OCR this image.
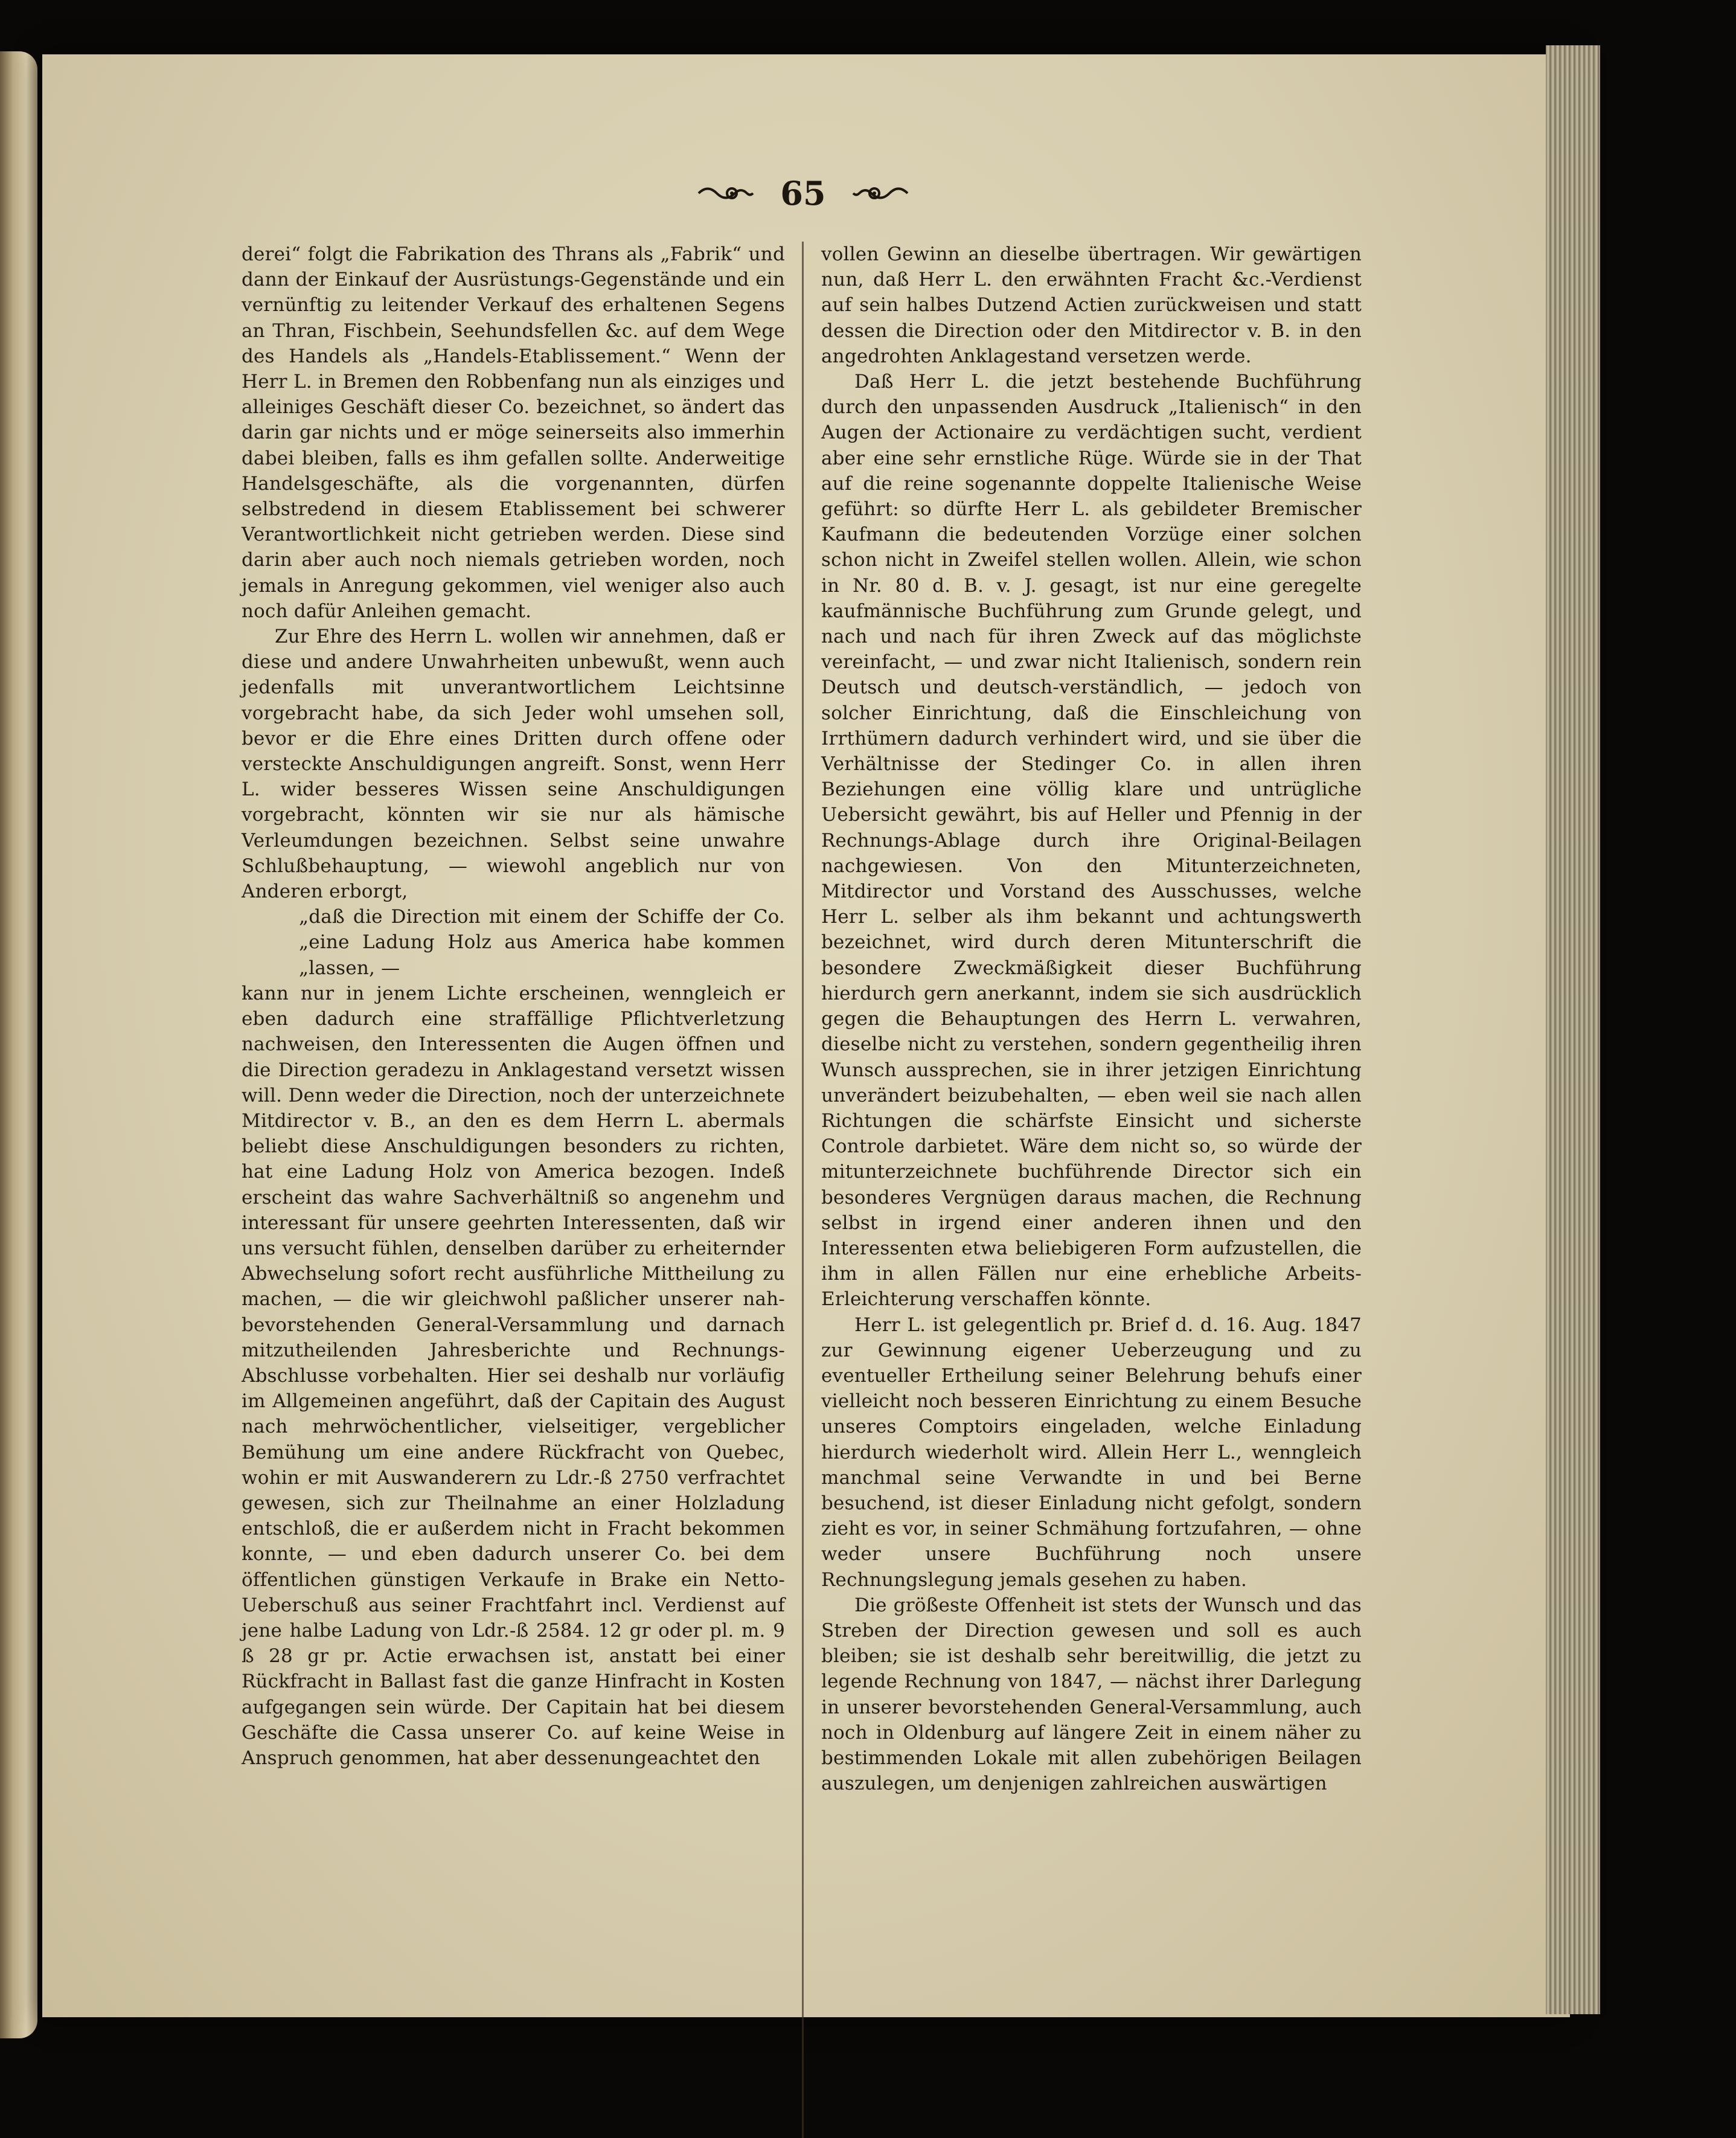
65

derei“ folgt die Fabrikation des Thrans als „Fabrik“ und dann der Einkauf der Ausrüstungs-Gegenstände und ein vernünftig zu leitender Verkauf des erhaltenen Segens an Thran, Fischbein, Seehundsfellen &c. auf dem Wege des Handels als „Handels-Etablissement.“ Wenn der Herr L. in Bremen den Robbenfang nun als einziges und alleiniges Geschäft dieser Co. bezeichnet, so ändert das darin gar nichts und er möge seinerseits also immerhin dabei bleiben, falls es ihm gefallen sollte. Anderweitige Handelsgeschäfte, als die vorgenannten, dürfen selbstredend in diesem Etablissement bei schwerer Verantwortlichkeit nicht getrieben werden. Diese sind darin aber auch noch niemals getrieben worden, noch jemals in Anregung gekommen, viel weniger also auch noch dafür Anleihen gemacht.

Zur Ehre des Herrn L. wollen wir annehmen, daß er diese und andere Unwahrheiten unbewußt, wenn auch jedenfalls mit unverantwortlichem Leichtsinne vorgebracht habe, da sich Jeder wohl umsehen soll, bevor er die Ehre eines Dritten durch offene oder versteckte Anschuldigungen angreift. Sonst, wenn Herr L. wider besseres Wissen seine Anschuldigungen vorgebracht, könnten wir sie nur als hämische Verleumdungen bezeichnen. Selbst seine unwahre Schlußbehauptung, — wiewohl angeblich nur von Anderen erborgt,

„daß die Direction mit einem der Schiffe der Co. „eine Ladung Holz aus America habe kommen „lassen, —

kann nur in jenem Lichte erscheinen, wenngleich er eben dadurch eine straffällige Pflichtverletzung nachweisen, den Interessenten die Augen öffnen und die Direction geradezu in Anklagestand versetzt wissen will. Denn weder die Direction, noch der unterzeichnete Mitdirector v. B., an den es dem Herrn L. abermals beliebt diese Anschuldigungen besonders zu richten, hat eine Ladung Holz von America bezogen. Indeß erscheint das wahre Sachverhältniß so angenehm und interessant für unsere geehrten Interessenten, daß wir uns versucht fühlen, denselben darüber zu erheiternder Abwechselung sofort recht ausführliche Mittheilung zu machen, — die wir gleichwohl paßlicher unserer nah-bevorstehenden General-Versammlung und darnach mitzutheilenden Jahresberichte und Rechnungs-Abschlusse vorbehalten. Hier sei deshalb nur vorläufig im Allgemeinen angeführt, daß der Capitain des August nach mehrwöchentlicher, vielseitiger, vergeblicher Bemühung um eine andere Rückfracht von Quebec, wohin er mit Auswanderern zu Ldr.-ß 2750 verfrachtet gewesen, sich zur Theilnahme an einer Holzladung entschloß, die er außerdem nicht in Fracht bekommen konnte, — und eben dadurch unserer Co. bei dem öffentlichen günstigen Verkaufe in Brake ein Netto-Ueberschuß aus seiner Frachtfahrt incl. Verdienst auf jene halbe Ladung von Ldr.-ß 2584. 12 gr oder pl. m. 9 ß 28 gr pr. Actie erwachsen ist, anstatt bei einer Rückfracht in Ballast fast die ganze Hinfracht in Kosten aufgegangen sein würde. Der Capitain hat bei diesem Geschäfte die Cassa unserer Co. auf keine Weise in Anspruch genommen, hat aber dessenungeachtet den

vollen Gewinn an dieselbe übertragen. Wir gewärtigen nun, daß Herr L. den erwähnten Fracht &c.-Verdienst auf sein halbes Dutzend Actien zurückweisen und statt dessen die Direction oder den Mitdirector v. B. in den angedrohten Anklagestand versetzen werde.

Daß Herr L. die jetzt bestehende Buchführung durch den unpassenden Ausdruck „Italienisch“ in den Augen der Actionaire zu verdächtigen sucht, verdient aber eine sehr ernstliche Rüge. Würde sie in der That auf die reine sogenannte doppelte Italienische Weise geführt: so dürfte Herr L. als gebildeter Bremischer Kaufmann die bedeutenden Vorzüge einer solchen schon nicht in Zweifel stellen wollen. Allein, wie schon in Nr. 80 d. B. v. J. gesagt, ist nur eine geregelte kaufmännische Buchführung zum Grunde gelegt, und nach und nach für ihren Zweck auf das möglichste vereinfacht, — und zwar nicht Italienisch, sondern rein Deutsch und deutsch-verständlich, — jedoch von solcher Einrichtung, daß die Einschleichung von Irrthümern dadurch verhindert wird, und sie über die Verhältnisse der Stedinger Co. in allen ihren Beziehungen eine völlig klare und untrügliche Uebersicht gewährt, bis auf Heller und Pfennig in der Rechnungs-Ablage durch ihre Original-Beilagen nachgewiesen. Von den Mitunterzeichneten, Mitdirector und Vorstand des Ausschusses, welche Herr L. selber als ihm bekannt und achtungswerth bezeichnet, wird durch deren Mitunterschrift die besondere Zweckmäßigkeit dieser Buchführung hierdurch gern anerkannt, indem sie sich ausdrücklich gegen die Behauptungen des Herrn L. verwahren, dieselbe nicht zu verstehen, sondern gegentheilig ihren Wunsch aussprechen, sie in ihrer jetzigen Einrichtung unverändert beizubehalten, — eben weil sie nach allen Richtungen die schärfste Einsicht und sicherste Controle darbietet. Wäre dem nicht so, so würde der mitunterzeichnete buchführende Director sich ein besonderes Vergnügen daraus machen, die Rechnung selbst in irgend einer anderen ihnen und den Interessenten etwa beliebigeren Form aufzustellen, die ihm in allen Fällen nur eine erhebliche Arbeits-Erleichterung verschaffen könnte.

Herr L. ist gelegentlich pr. Brief d. d. 16. Aug. 1847 zur Gewinnung eigener Ueberzeugung und zu eventueller Ertheilung seiner Belehrung behufs einer vielleicht noch besseren Einrichtung zu einem Besuche unseres Comptoirs eingeladen, welche Einladung hierdurch wiederholt wird. Allein Herr L., wenngleich manchmal seine Verwandte in und bei Berne besuchend, ist dieser Einladung nicht gefolgt, sondern zieht es vor, in seiner Schmähung fortzufahren, — ohne weder unsere Buchführung noch unsere Rechnungslegung jemals gesehen zu haben.

Die größeste Offenheit ist stets der Wunsch und das Streben der Direction gewesen und soll es auch bleiben; sie ist deshalb sehr bereitwillig, die jetzt zu legende Rechnung von 1847, — nächst ihrer Darlegung in unserer bevorstehenden General-Versammlung, auch noch in Oldenburg auf längere Zeit in einem näher zu bestimmenden Lokale mit allen zubehörigen Beilagen auszulegen, um denjenigen zahlreichen auswärtigen
